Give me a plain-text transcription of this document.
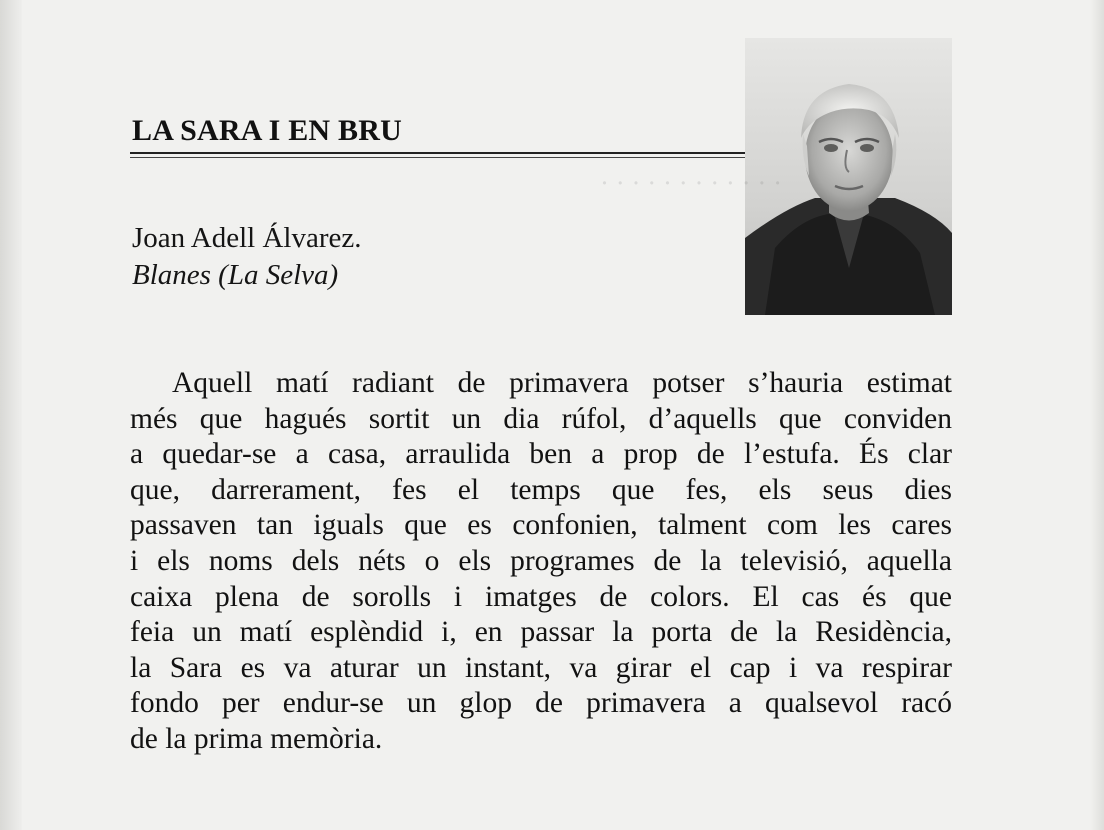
LA SARA I EN BRU
Joan Adell Álvarez.
Blanes (La Selva)
· · · · · · · · · · · ·
Aquell matí radiant de primavera potser s’hauria estimat
més que hagués sortit un dia rúfol, d’aquells que conviden
a quedar-se a casa, arraulida ben a prop de l’estufa. És clar
que, darrerament, fes el temps que fes, els seus dies
passaven tan iguals que es confonien, talment com les cares
i els noms dels néts o els programes de la televisió, aquella
caixa plena de sorolls i imatges de colors. El cas és que
feia un matí esplèndid i, en passar la porta de la Residència,
la Sara es va aturar un instant, va girar el cap i va respirar
fondo per endur-se un glop de primavera a qualsevol racó
de la prima memòria.
